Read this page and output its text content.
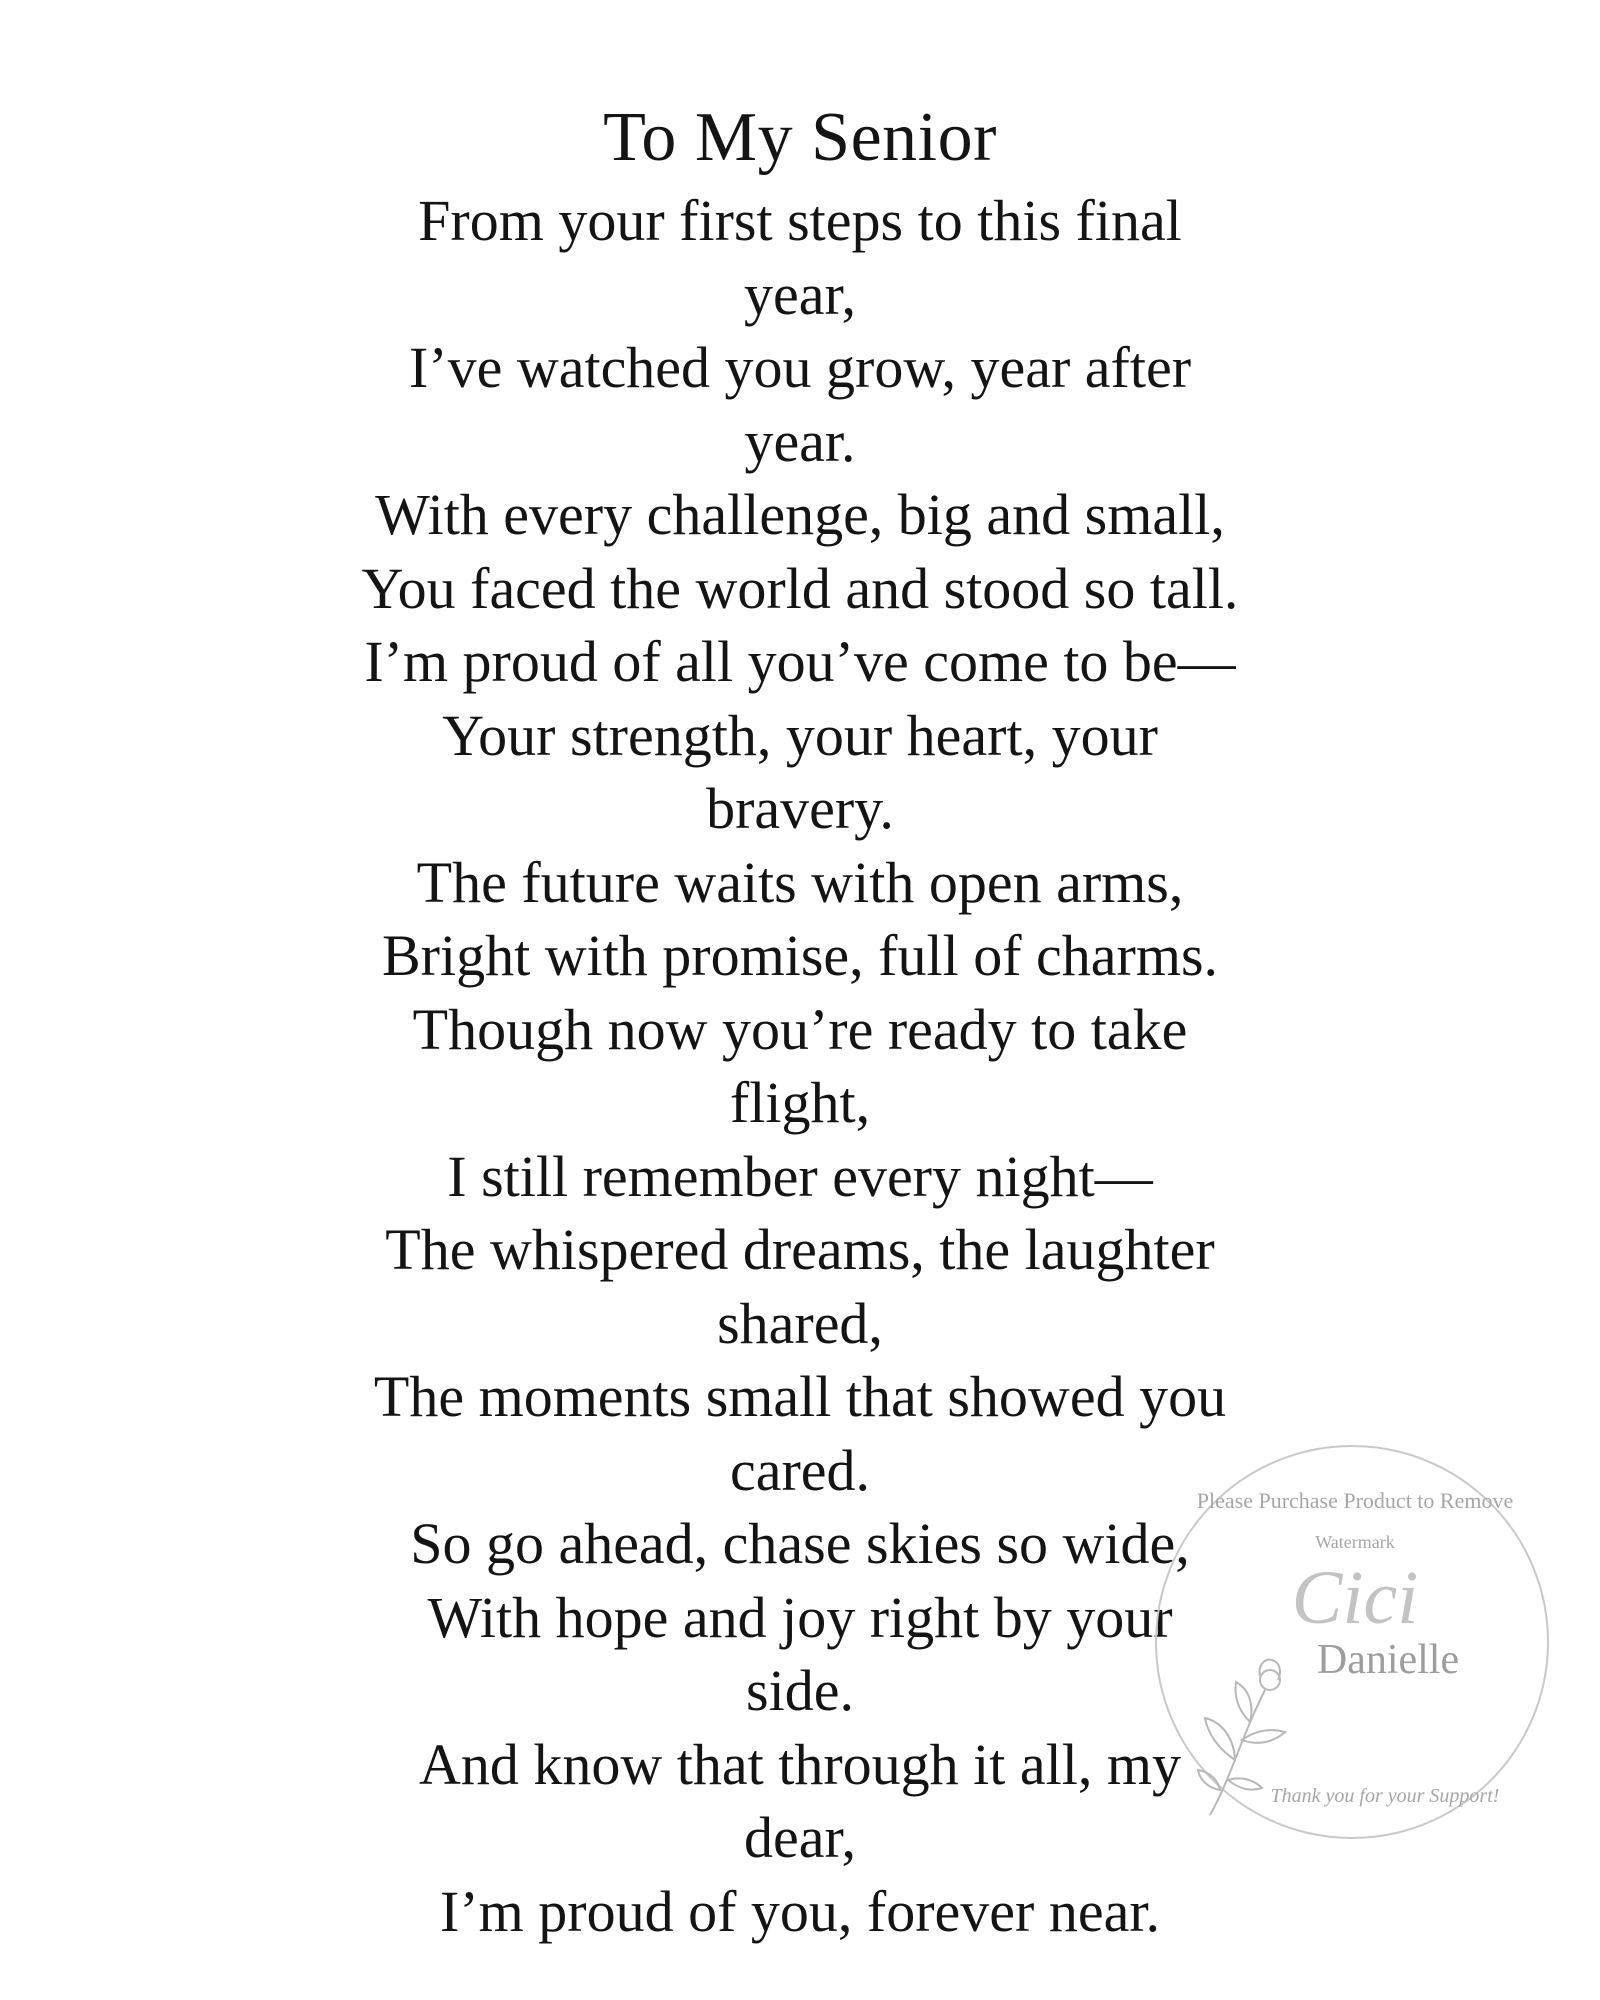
To My Senior
From your first steps to this final
year,
I’ve watched you grow, year after
year.
With every challenge, big and small,
You faced the world and stood so tall.
I’m proud of all you’ve come to be—
Your strength, your heart, your
bravery.
The future waits with open arms,
Bright with promise, full of charms.
Though now you’re ready to take
flight,
I still remember every night—
The whispered dreams, the laughter
shared,
The moments small that showed you
cared.
So go ahead, chase skies so wide,
With hope and joy right by your
side.
And know that through it all, my
dear,
I’m proud of you, forever near.
Please Purchase Product to Remove
Watermark
Cici
Danielle
Thank you for your Support!
